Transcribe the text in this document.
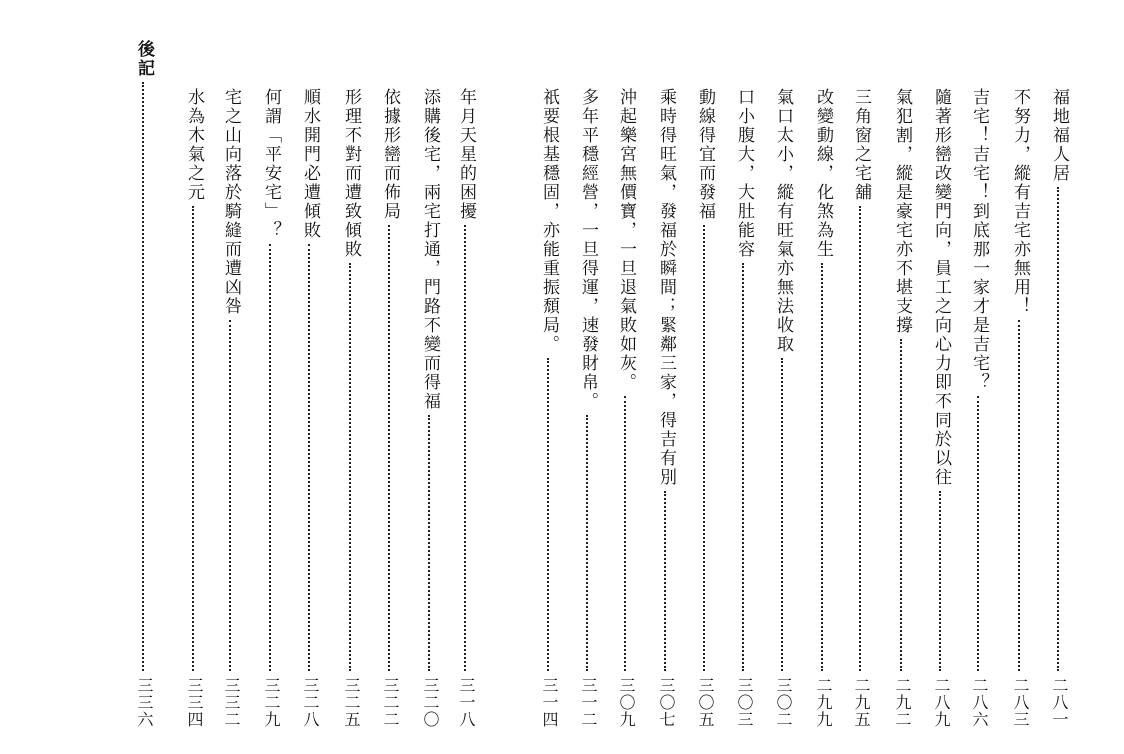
福地福人居
二八一
不努力，縱有吉宅亦無用！
二八三
吉宅！吉宅！到底那一家才是吉宅？
二八六
隨著形巒改變門向，員工之向心力即不同於以往
二八九
氣犯割，縱是豪宅亦不堪支撐
二九二
三角窗之宅舖
二九五
改變動線，化煞為生
二九九
氣口太小，縱有旺氣亦無法收取
三〇二
口小腹大，大肚能容
三〇三
動線得宜而發福
三〇五
乘時得旺氣，發福於瞬間；緊鄰三家，得吉有別
三〇七
沖起樂宮無價寶，一旦退氣敗如灰。
三〇九
多年平穩經營，一旦得運，速發財帛。
三一二
祇要根基穩固，亦能重振頹局。
三一四
年月天星的困擾
三一八
添購後宅，兩宅打通，門路不變而得福
三二〇
依據形巒而佈局
三二二
形理不對而遭致傾敗
三二五
順水開門必遭傾敗
三二八
何謂「平安宅」？
三二九
宅之山向落於騎縫而遭凶咎
三三二
水為木氣之元
三三四
後記
三三六
